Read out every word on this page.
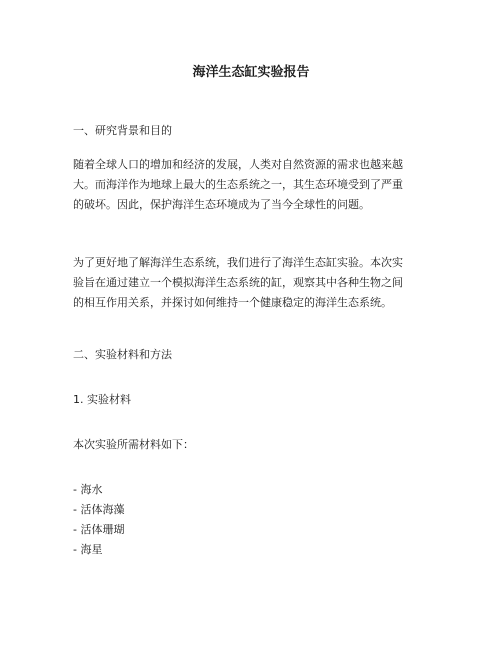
海洋生态缸实验报告
一、研究背景和目的
随着全球人口的增加和经济的发展，人类对自然资源的需求也越来越
大。而海洋作为地球上最大的生态系统之一，其生态环境受到了严重
的破坏。因此，保护海洋生态环境成为了当今全球性的问题。
为了更好地了解海洋生态系统，我们进行了海洋生态缸实验。本次实
验旨在通过建立一个模拟海洋生态系统的缸，观察其中各种生物之间
的相互作用关系，并探讨如何维持一个健康稳定的海洋生态系统。
二、实验材料和方法
1. 实验材料
本次实验所需材料如下：
- 海水
- 活体海藻
- 活体珊瑚
- 海星
